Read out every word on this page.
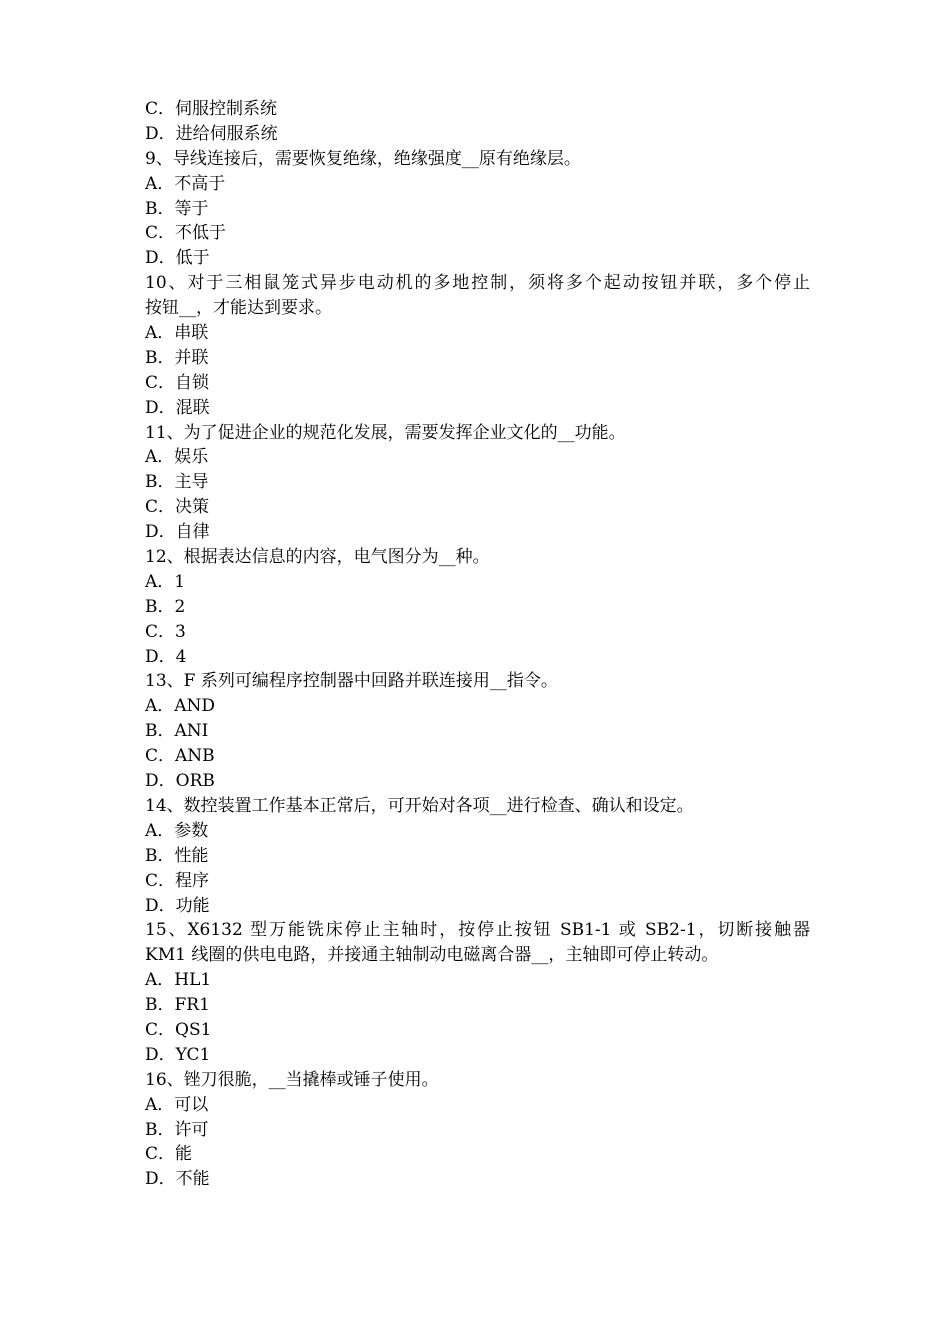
C．伺服控制系统
D．进给伺服系统
9、导线连接后，需要恢复绝缘，绝缘强度__原有绝缘层。
A．不高于
B．等于
C．不低于
D．低于
10、对于三相鼠笼式异步电动机的多地控制，须将多个起动按钮并联，多个停止
按钮__，才能达到要求。
A．串联
B．并联
C．自锁
D．混联
11、为了促进企业的规范化发展，需要发挥企业文化的__功能。
A．娱乐
B．主导
C．决策
D．自律
12、根据表达信息的内容，电气图分为__种。
A．1
B．2
C．3
D．4
13、F 系列可编程序控制器中回路并联连接用__指令。
A．AND
B．ANI
C．ANB
D．ORB
14、数控装置工作基本正常后，可开始对各项__进行检查、确认和设定。
A．参数
B．性能
C．程序
D．功能
15、X6132 型万能铣床停止主轴时，按停止按钮 SB1-1 或 SB2-1，切断接触器
KM1 线圈的供电电路，并接通主轴制动电磁离合器__，主轴即可停止转动。
A．HL1
B．FR1
C．QS1
D．YC1
16、锉刀很脆，__当撬棒或锤子使用。
A．可以
B．许可
C．能
D．不能
